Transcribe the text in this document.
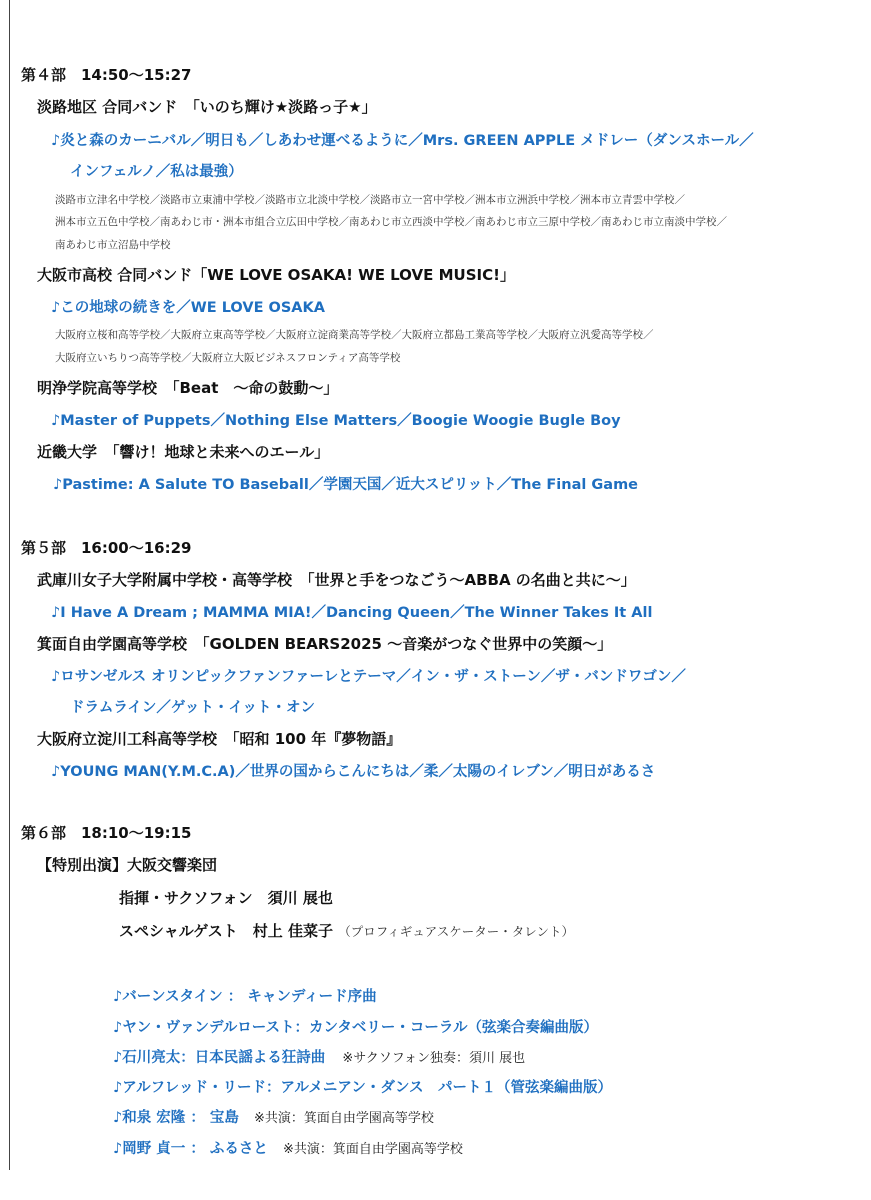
第４部　14:50〜15:27
淡路地区 合同バンド　「いのち輝け★淡路っ子★」
♪炎と森のカーニバル／明日も／しあわせ運べるように／Mrs. GREEN APPLE メドレー（ダンスホール／
インフェルノ／私は最強）
淡路市立津名中学校／淡路市立東浦中学校／淡路市立北淡中学校／淡路市立一宮中学校／洲本市立洲浜中学校／洲本市立青雲中学校／
洲本市立五色中学校／南あわじ市・洲本市組合立広田中学校／南あわじ市立西淡中学校／南あわじ市立三原中学校／南あわじ市立南淡中学校／
南あわじ市立沼島中学校
大阪市高校 合同バンド「WE LOVE OSAKA! WE LOVE MUSIC!」
♪この地球の続きを／WE LOVE OSAKA
大阪府立桜和高等学校／大阪府立東高等学校／大阪府立淀商業高等学校／大阪府立都島工業高等学校／大阪府立汎愛高等学校／
大阪府立いちりつ高等学校／大阪府立大阪ビジネスフロンティア高等学校
明浄学院高等学校　「Beat　〜命の鼓動〜」
♪Master of Puppets／Nothing Else Matters／Boogie Woogie Bugle Boy
近畿大学　「響け！地球と未来へのエール」
♪Pastime: A Salute TO Baseball／学園天国／近大スピリット／The Final Game
第５部　16:00〜16:29
武庫川女子大学附属中学校・高等学校　「世界と手をつなごう〜ABBA の名曲と共に〜」
♪I Have A Dream ; MAMMA MIA!／Dancing Queen／The Winner Takes It All
箕面自由学園高等学校　「GOLDEN BEARS2025 〜音楽がつなぐ世界中の笑顔〜」
♪ロサンゼルス オリンピックファンファーレとテーマ／イン・ザ・ストーン／ザ・バンドワゴン／
ドラムライン／ゲット・イット・オン
大阪府立淀川工科高等学校　「昭和 100 年『夢物語』
♪YOUNG MAN(Y.M.C.A)／世界の国からこんにちは／柔／太陽のイレブン／明日があるさ
第６部　18:10〜19:15
【特別出演】大阪交響楽団
指揮・サクソフォン　須川 展也
スペシャルゲスト　村上 佳菜子 （プロフィギュアスケーター・タレント）
♪バーンスタイン ： キャンディード序曲
♪ヤン・ヴァンデルロースト：カンタベリー・コーラル（弦楽合奏編曲版）
♪石川亮太：日本民謡よる狂詩曲 ※サクソフォン独奏：須川 展也
♪アルフレッド・リード：アルメニアン・ダンス　パート１（管弦楽編曲版）
♪和泉 宏隆 ： 宝島 ※共演：箕面自由学園高等学校
♪岡野 貞一 ： ふるさと ※共演：箕面自由学園高等学校
